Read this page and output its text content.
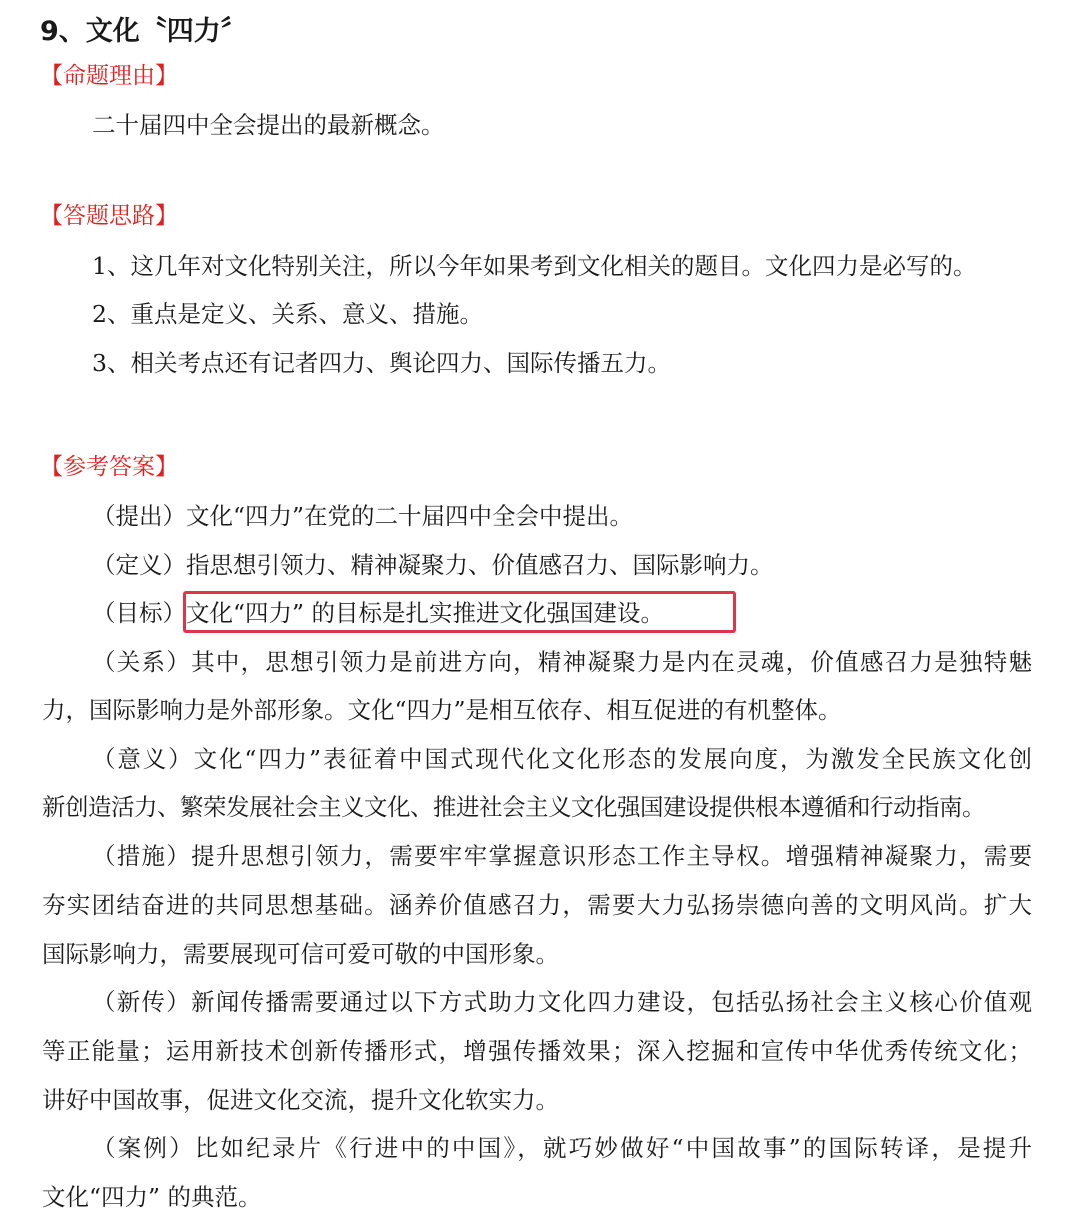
9、文化〝四力〞
【命题理由】
二十届四中全会提出的最新概念。
【答题思路】
1、这几年对文化特别关注，所以今年如果考到文化相关的题目。文化四力是必写的。
2、重点是定义、关系、意义、措施。
3、相关考点还有记者四力、舆论四力、国际传播五力。
【参考答案】
（提出）文化“四力”在党的二十届四中全会中提出。
（定义）指思想引领力、精神凝聚力、价值感召力、国际影响力。
（目标）文化“四力” 的目标是扎实推进文化强国建设。
（关系）其中，思想引领力是前进方向，精神凝聚力是内在灵魂，价值感召力是独特魅
力，国际影响力是外部形象。文化“四力”是相互依存、相互促进的有机整体。
（意义）文化“四力”表征着中国式现代化文化形态的发展向度，为激发全民族文化创
新创造活力、繁荣发展社会主义文化、推进社会主义文化强国建设提供根本遵循和行动指南。
（措施）提升思想引领力，需要牢牢掌握意识形态工作主导权。增强精神凝聚力，需要
夯实团结奋进的共同思想基础。涵养价值感召力，需要大力弘扬崇德向善的文明风尚。扩大
国际影响力，需要展现可信可爱可敬的中国形象。
（新传）新闻传播需要通过以下方式助力文化四力建设，包括弘扬社会主义核心价值观
等正能量；运用新技术创新传播形式，增强传播效果；深入挖掘和宣传中华优秀传统文化；
讲好中国故事，促进文化交流，提升文化软实力。
（案例）比如纪录片《行进中的中国》，就巧妙做好“中国故事”的国际转译，是提升
文化“四力” 的典范。
